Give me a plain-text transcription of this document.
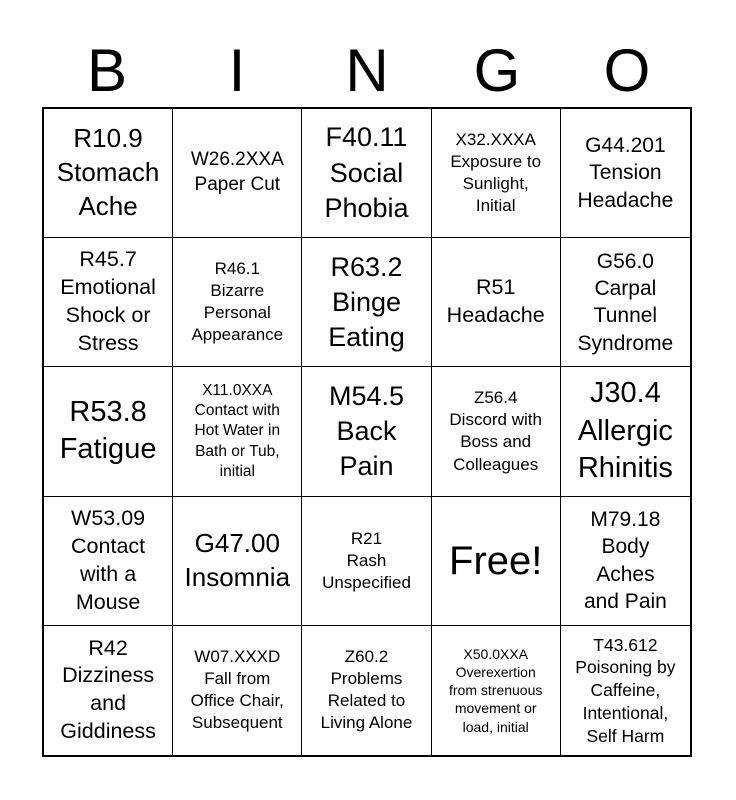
B	I	N	G	O
R10.9
Stomach
Ache
W26.2XXA
Paper Cut
F40.11
Social
Phobia
X32.XXXA
Exposure to
Sunlight,
Initial
G44.201
Tension
Headache
R45.7
Emotional
Shock or
Stress
R46.1
Bizarre
Personal
Appearance
R63.2
Binge
Eating
R51
Headache
G56.0
Carpal
Tunnel
Syndrome
R53.8
Fatigue
X11.0XXA
Contact with
Hot Water in
Bath or Tub,
initial
M54.5
Back
Pain
Z56.4
Discord with
Boss and
Colleagues
J30.4
Allergic
Rhinitis
W53.09
Contact
with a
Mouse
G47.00
Insomnia
R21
Rash
Unspecified Free!
M79.18
Body
Aches
and Pain
R42
Dizziness
and
Giddiness
W07.XXXD
Fall from
Office Chair,
Subsequent
Z60.2
Problems
Related to
Living Alone
X50.0XXA
Overexertion
from strenuous
movement or
load, initial
T43.612
Poisoning by
Caffeine,
Intentional,
Self Harm
